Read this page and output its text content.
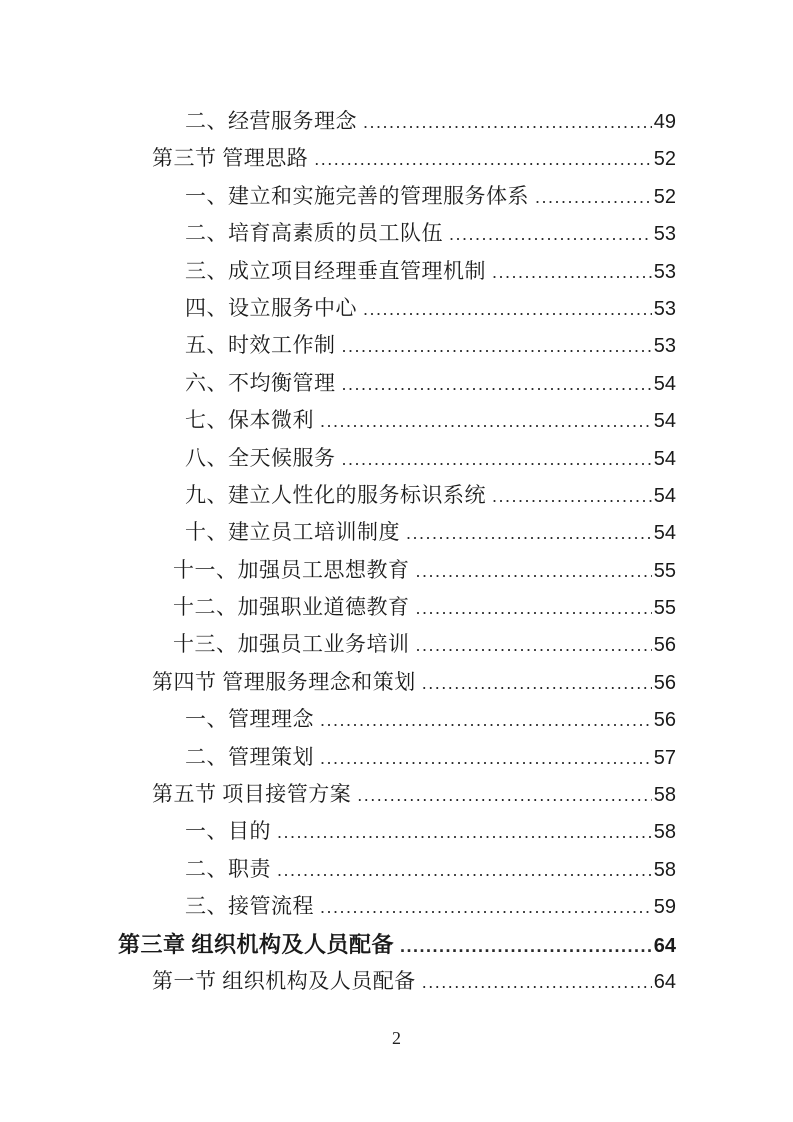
二、经营服务理念 .....	49
第三节 管理思路 .....	52
一、建立和实施完善的管理服务体系 .....	52
二、培育高素质的员工队伍 .....	53
三、成立项目经理垂直管理机制 .....	53
四、设立服务中心 .....	53
五、时效工作制 .....	53
六、不均衡管理 .....	54
七、保本微利 .....	54
八、全天候服务 .....	54
九、建立人性化的服务标识系统 .....	54
十、建立员工培训制度 .....	54
十一、加强员工思想教育 .....	55
十二、加强职业道德教育 .....	55
十三、加强员工业务培训 .....	56
第四节 管理服务理念和策划 .....	56
一、管理理念 .....	56
二、管理策划 .....	57
第五节 项目接管方案 .....	58
一、目的 .....	58
二、职责 .....	58
三、接管流程 .....	59
第三章 组织机构及人员配备 .....	64
第一节 组织机构及人员配备 .....	64
2
